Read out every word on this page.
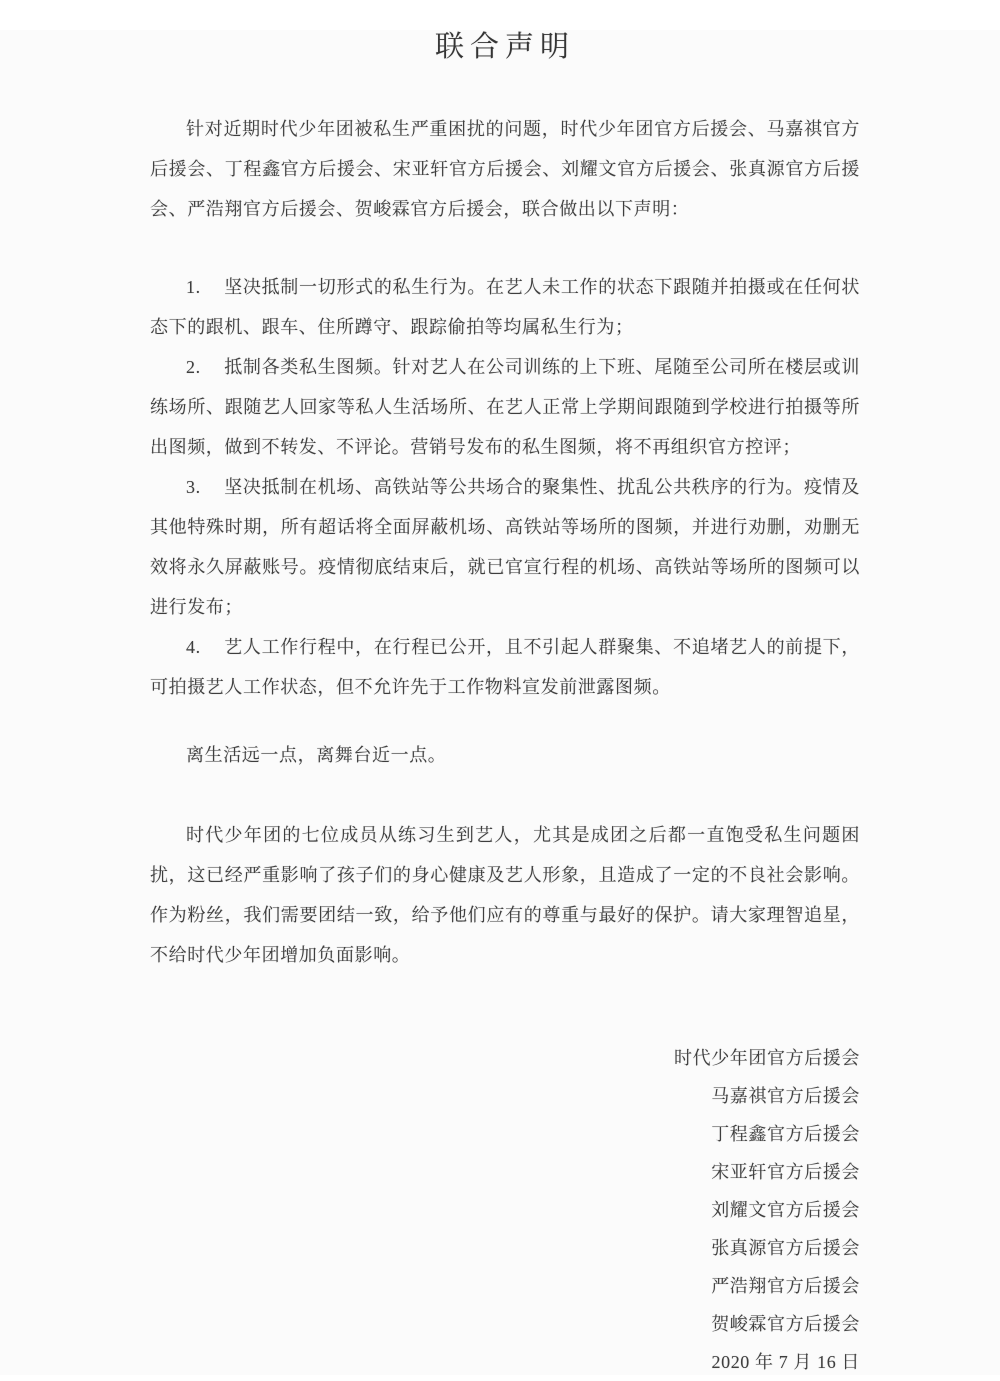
联合声明

针对近期时代少年团被私生严重困扰的问题，时代少年团官方后援会、马嘉祺官方后援会、丁程鑫官方后援会、宋亚轩官方后援会、刘耀文官方后援会、张真源官方后援会、严浩翔官方后援会、贺峻霖官方后援会，联合做出以下声明：

1. 坚决抵制一切形式的私生行为。在艺人未工作的状态下跟随并拍摄或在任何状态下的跟机、跟车、住所蹲守、跟踪偷拍等均属私生行为；

2. 抵制各类私生图频。针对艺人在公司训练的上下班、尾随至公司所在楼层或训练场所、跟随艺人回家等私人生活场所、在艺人正常上学期间跟随到学校进行拍摄等所出图频，做到不转发、不评论。营销号发布的私生图频，将不再组织官方控评；

3. 坚决抵制在机场、高铁站等公共场合的聚集性、扰乱公共秩序的行为。疫情及其他特殊时期，所有超话将全面屏蔽机场、高铁站等场所的图频，并进行劝删，劝删无效将永久屏蔽账号。疫情彻底结束后，就已官宣行程的机场、高铁站等场所的图频可以进行发布；

4. 艺人工作行程中，在行程已公开，且不引起人群聚集、不追堵艺人的前提下，可拍摄艺人工作状态，但不允许先于工作物料宣发前泄露图频。

离生活远一点，离舞台近一点。

时代少年团的七位成员从练习生到艺人，尤其是成团之后都一直饱受私生问题困扰，这已经严重影响了孩子们的身心健康及艺人形象，且造成了一定的不良社会影响。作为粉丝，我们需要团结一致，给予他们应有的尊重与最好的保护。请大家理智追星，不给时代少年团增加负面影响。

时代少年团官方后援会
马嘉祺官方后援会
丁程鑫官方后援会
宋亚轩官方后援会
刘耀文官方后援会
张真源官方后援会
严浩翔官方后援会
贺峻霖官方后援会
2020 年 7 月 16 日
